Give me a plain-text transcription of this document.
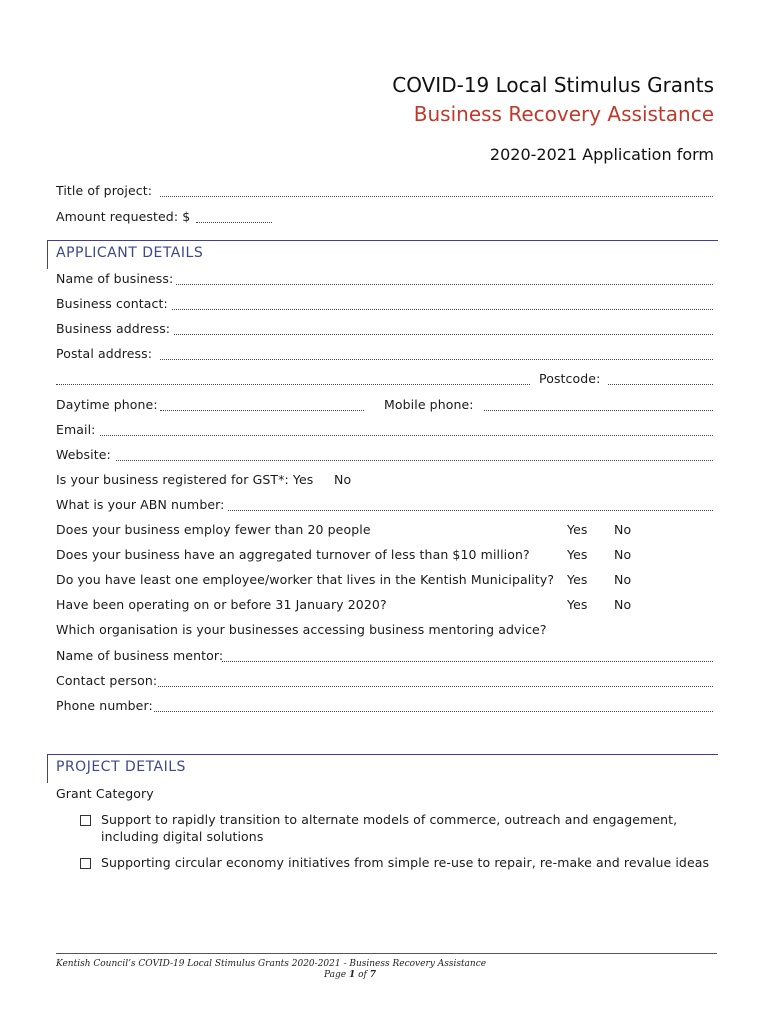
COVID-19 Local Stimulus Grants
Business Recovery Assistance
2020-2021 Application form
Title of project:
Amount requested: $
APPLICANT DETAILS
Name of business:
Business contact:
Business address:
Postal address:
Postcode:
Daytime phone:	Mobile phone:
Email:
Website:
Is your business registered for GST*: Yes No
What is your ABN number:
Does your business employ fewer than 20 people	Yes No
Does your business have an aggregated turnover of less than $10 million?	Yes No
Do you have least one employee/worker that lives in the Kentish Municipality? Yes No
Have been operating on or before 31 January 2020?	Yes No
Which organisation is your businesses accessing business mentoring advice?
Name of business mentor:
Contact person:
Phone number:
PROJECT DETAILS
Grant Category
Support to rapidly transition to alternate models of commerce, outreach and engagement,
including digital solutions
Supporting circular economy initiatives from simple re-use to repair, re-make and revalue ideas
Kentish Council’s COVID-19 Local Stimulus Grants 2020-2021 - Business Recovery Assistance
Page 1 of 7
